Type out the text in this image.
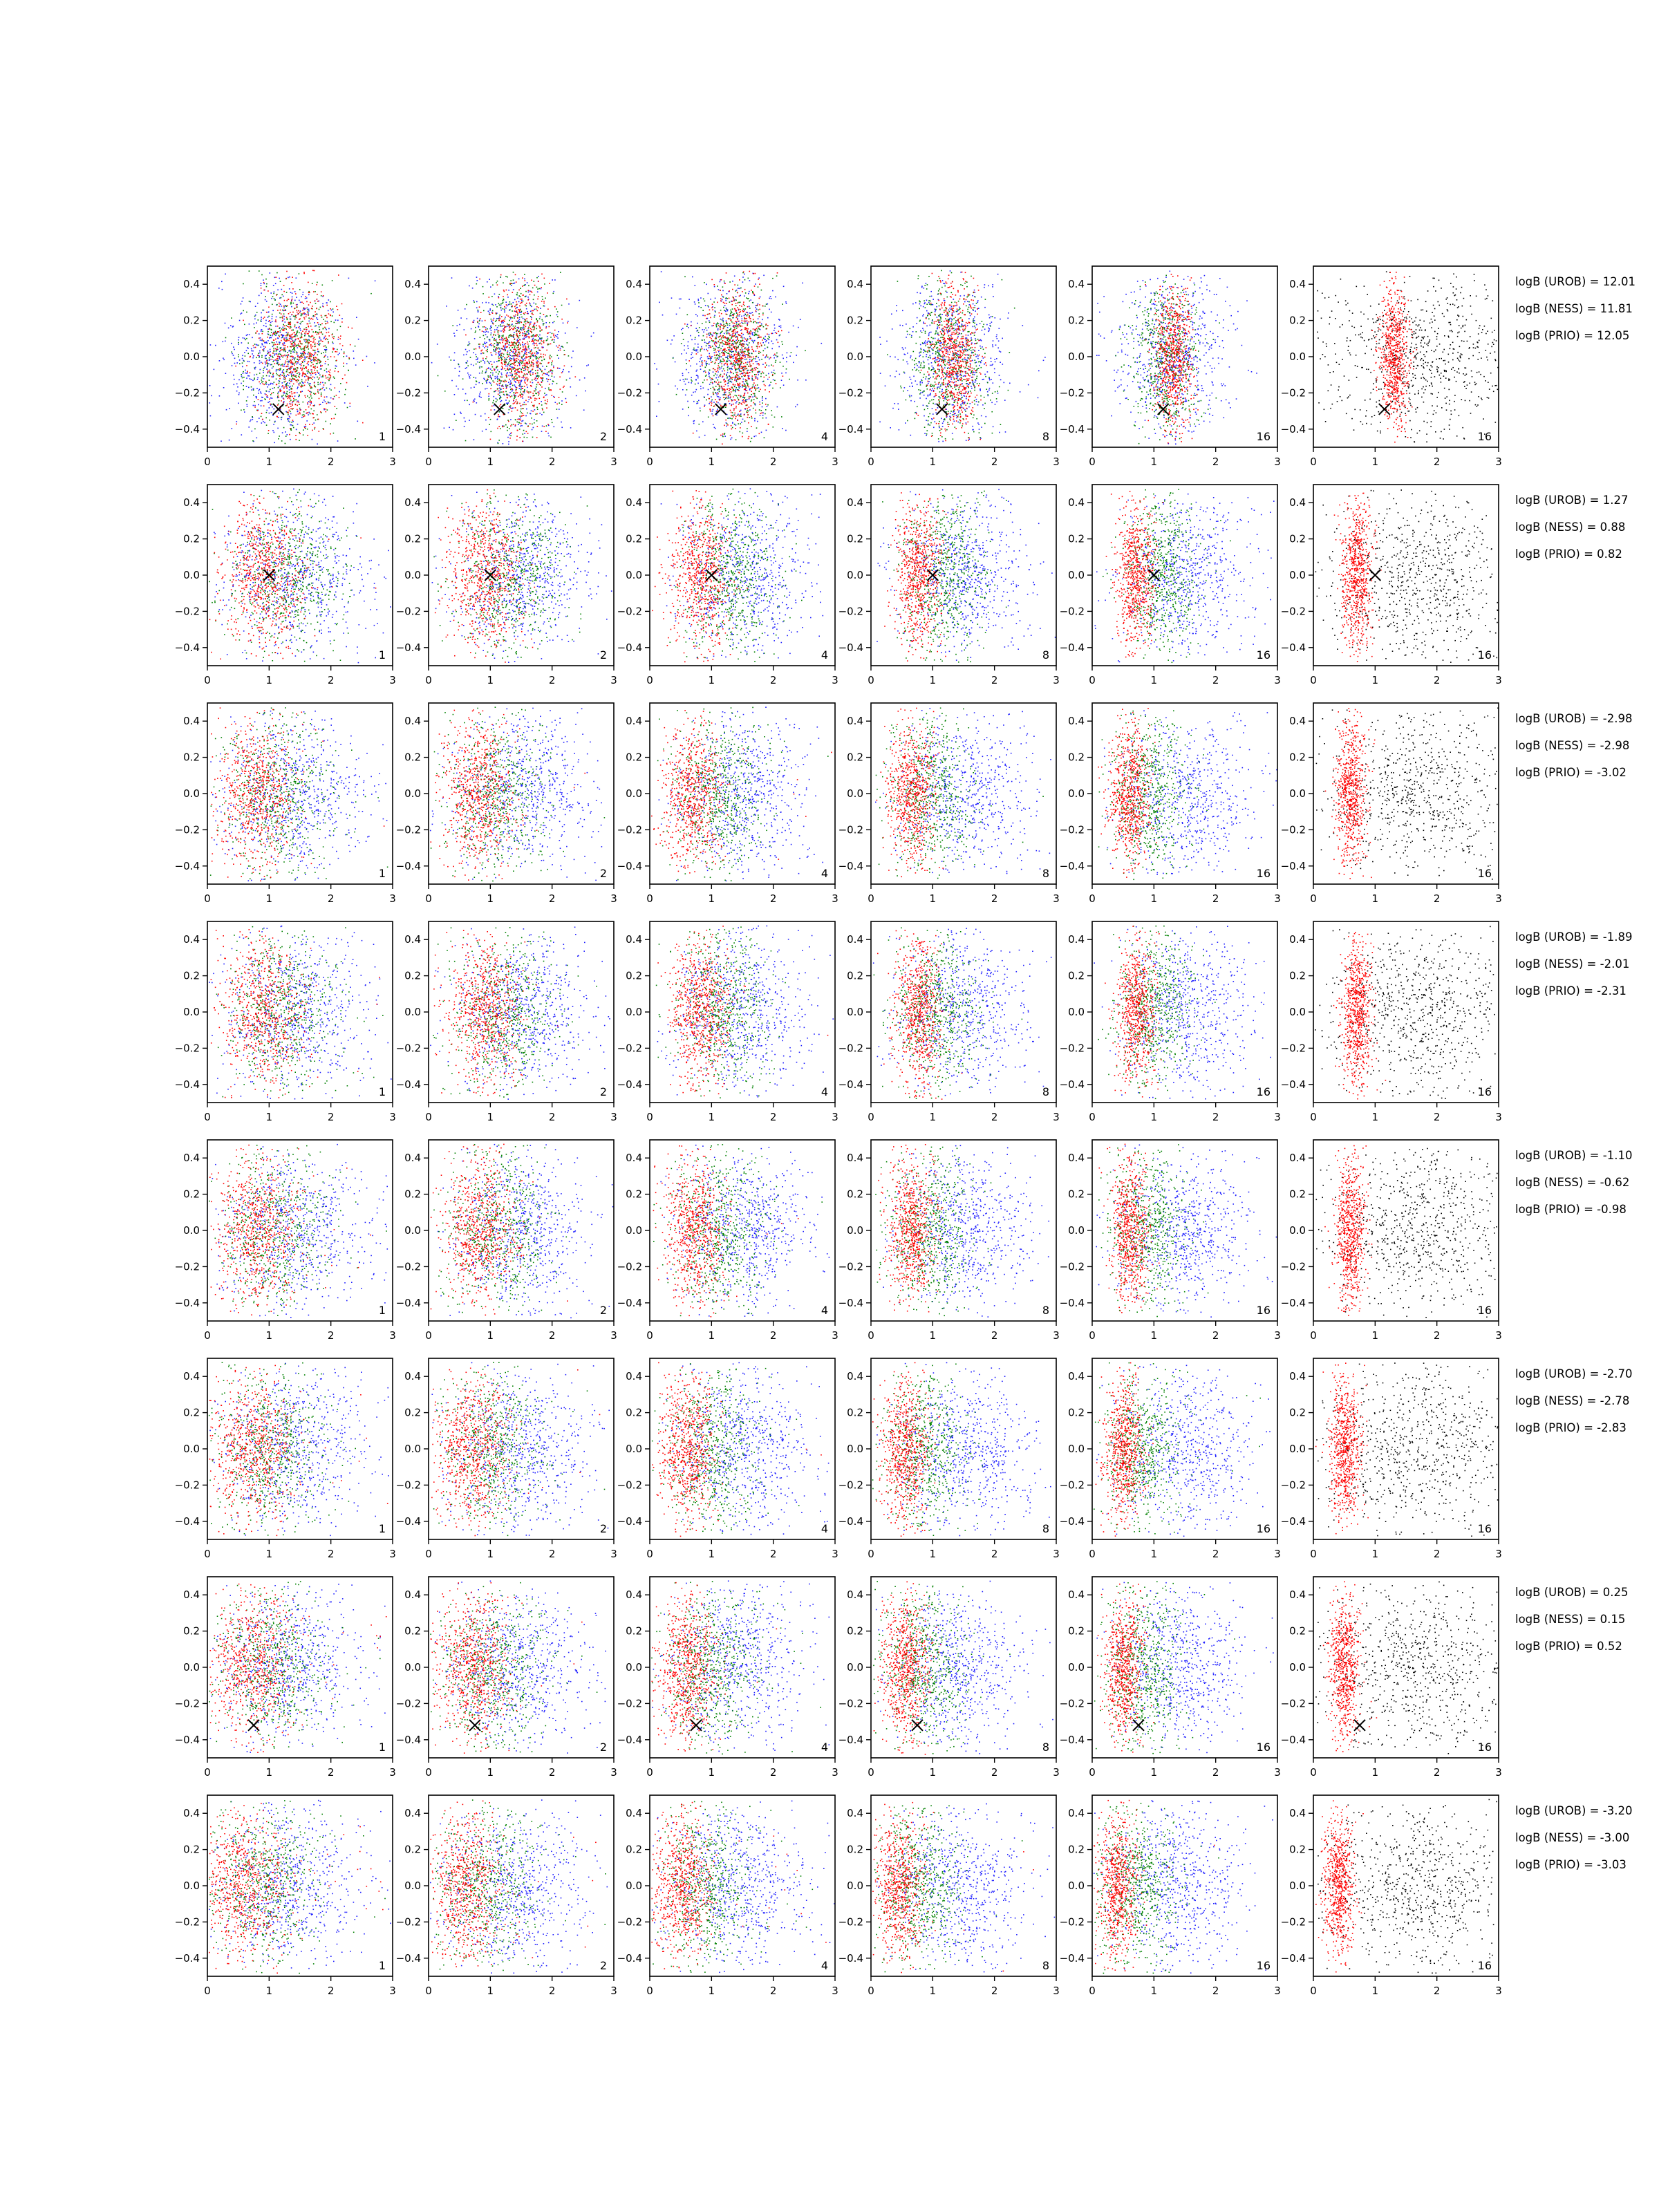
−0.4
−0.2
0.0
0.2
0.4
0	1	2	3
1
−0.4
−0.2
0.0
0.2
0.4
0	1	2	3
2
−0.4
−0.2
0.0
0.2
0.4
0	1	2	3
4
−0.4
−0.2
0.0
0.2
0.4
0	1	2	3
8
−0.4
−0.2
0.0
0.2
0.4
0	1	2	3
16
−0.4
−0.2
0.0
0.2
0.4
0	1	2	3
16
logB (UROB) = 12.01
logB (NESS) = 11.81
logB (PRIO) = 12.05
−0.4
−0.2
0.0
0.2
0.4
0	1	2	3
1
−0.4
−0.2
0.0
0.2
0.4
0	1	2	3
2
−0.4
−0.2
0.0
0.2
0.4
0	1	2	3
4
−0.4
−0.2
0.0
0.2
0.4
0	1	2	3
8
−0.4
−0.2
0.0
0.2
0.4
0	1	2	3
16
−0.4
−0.2
0.0
0.2
0.4
0	1	2	3
16
logB (UROB) = 1.27
logB (NESS) = 0.88
logB (PRIO) = 0.82
−0.4
−0.2
0.0
0.2
0.4
0	1	2	3
1
−0.4
−0.2
0.0
0.2
0.4
0	1	2	3
2
−0.4
−0.2
0.0
0.2
0.4
0	1	2	3
4
−0.4
−0.2
0.0
0.2
0.4
0	1	2	3
8
−0.4
−0.2
0.0
0.2
0.4
0	1	2	3
16
−0.4
−0.2
0.0
0.2
0.4
0	1	2	3
16
logB (UROB) = -2.98
logB (NESS) = -2.98
logB (PRIO) = -3.02
−0.4
−0.2
0.0
0.2
0.4
0	1	2	3
1
−0.4
−0.2
0.0
0.2
0.4
0	1	2	3
2
−0.4
−0.2
0.0
0.2
0.4
0	1	2	3
4
−0.4
−0.2
0.0
0.2
0.4
0	1	2	3
8
−0.4
−0.2
0.0
0.2
0.4
0	1	2	3
16
−0.4
−0.2
0.0
0.2
0.4
0	1	2	3
16
logB (UROB) = -1.89
logB (NESS) = -2.01
logB (PRIO) = -2.31
−0.4
−0.2
0.0
0.2
0.4
0	1	2	3
1
−0.4
−0.2
0.0
0.2
0.4
0	1	2	3
2
−0.4
−0.2
0.0
0.2
0.4
0	1	2	3
4
−0.4
−0.2
0.0
0.2
0.4
0	1	2	3
8
−0.4
−0.2
0.0
0.2
0.4
0	1	2	3
16
−0.4
−0.2
0.0
0.2
0.4
0	1	2	3
16
logB (UROB) = -1.10
logB (NESS) = -0.62
logB (PRIO) = -0.98
−0.4
−0.2
0.0
0.2
0.4
0	1	2	3
1
−0.4
−0.2
0.0
0.2
0.4
0	1	2	3
2
−0.4
−0.2
0.0
0.2
0.4
0	1	2	3
4
−0.4
−0.2
0.0
0.2
0.4
0	1	2	3
8
−0.4
−0.2
0.0
0.2
0.4
0	1	2	3
16
−0.4
−0.2
0.0
0.2
0.4
0	1	2	3
16
logB (UROB) = -2.70
logB (NESS) = -2.78
logB (PRIO) = -2.83
−0.4
−0.2
0.0
0.2
0.4
0	1	2	3
1
−0.4
−0.2
0.0
0.2
0.4
0	1	2	3
2
−0.4
−0.2
0.0
0.2
0.4
0	1	2	3
4
−0.4
−0.2
0.0
0.2
0.4
0	1	2	3
8
−0.4
−0.2
0.0
0.2
0.4
0	1	2	3
16
−0.4
−0.2
0.0
0.2
0.4
0	1	2	3
16
logB (UROB) = 0.25
logB (NESS) = 0.15
logB (PRIO) = 0.52
−0.4
−0.2
0.0
0.2
0.4
0	1	2	3
1
−0.4
−0.2
0.0
0.2
0.4
0	1	2	3
2
−0.4
−0.2
0.0
0.2
0.4
0	1	2	3
4
−0.4
−0.2
0.0
0.2
0.4
0	1	2	3
8
−0.4
−0.2
0.0
0.2
0.4
0	1	2	3
16
−0.4
−0.2
0.0
0.2
0.4
0	1	2	3
16
logB (UROB) = -3.20
logB (NESS) = -3.00
logB (PRIO) = -3.03
